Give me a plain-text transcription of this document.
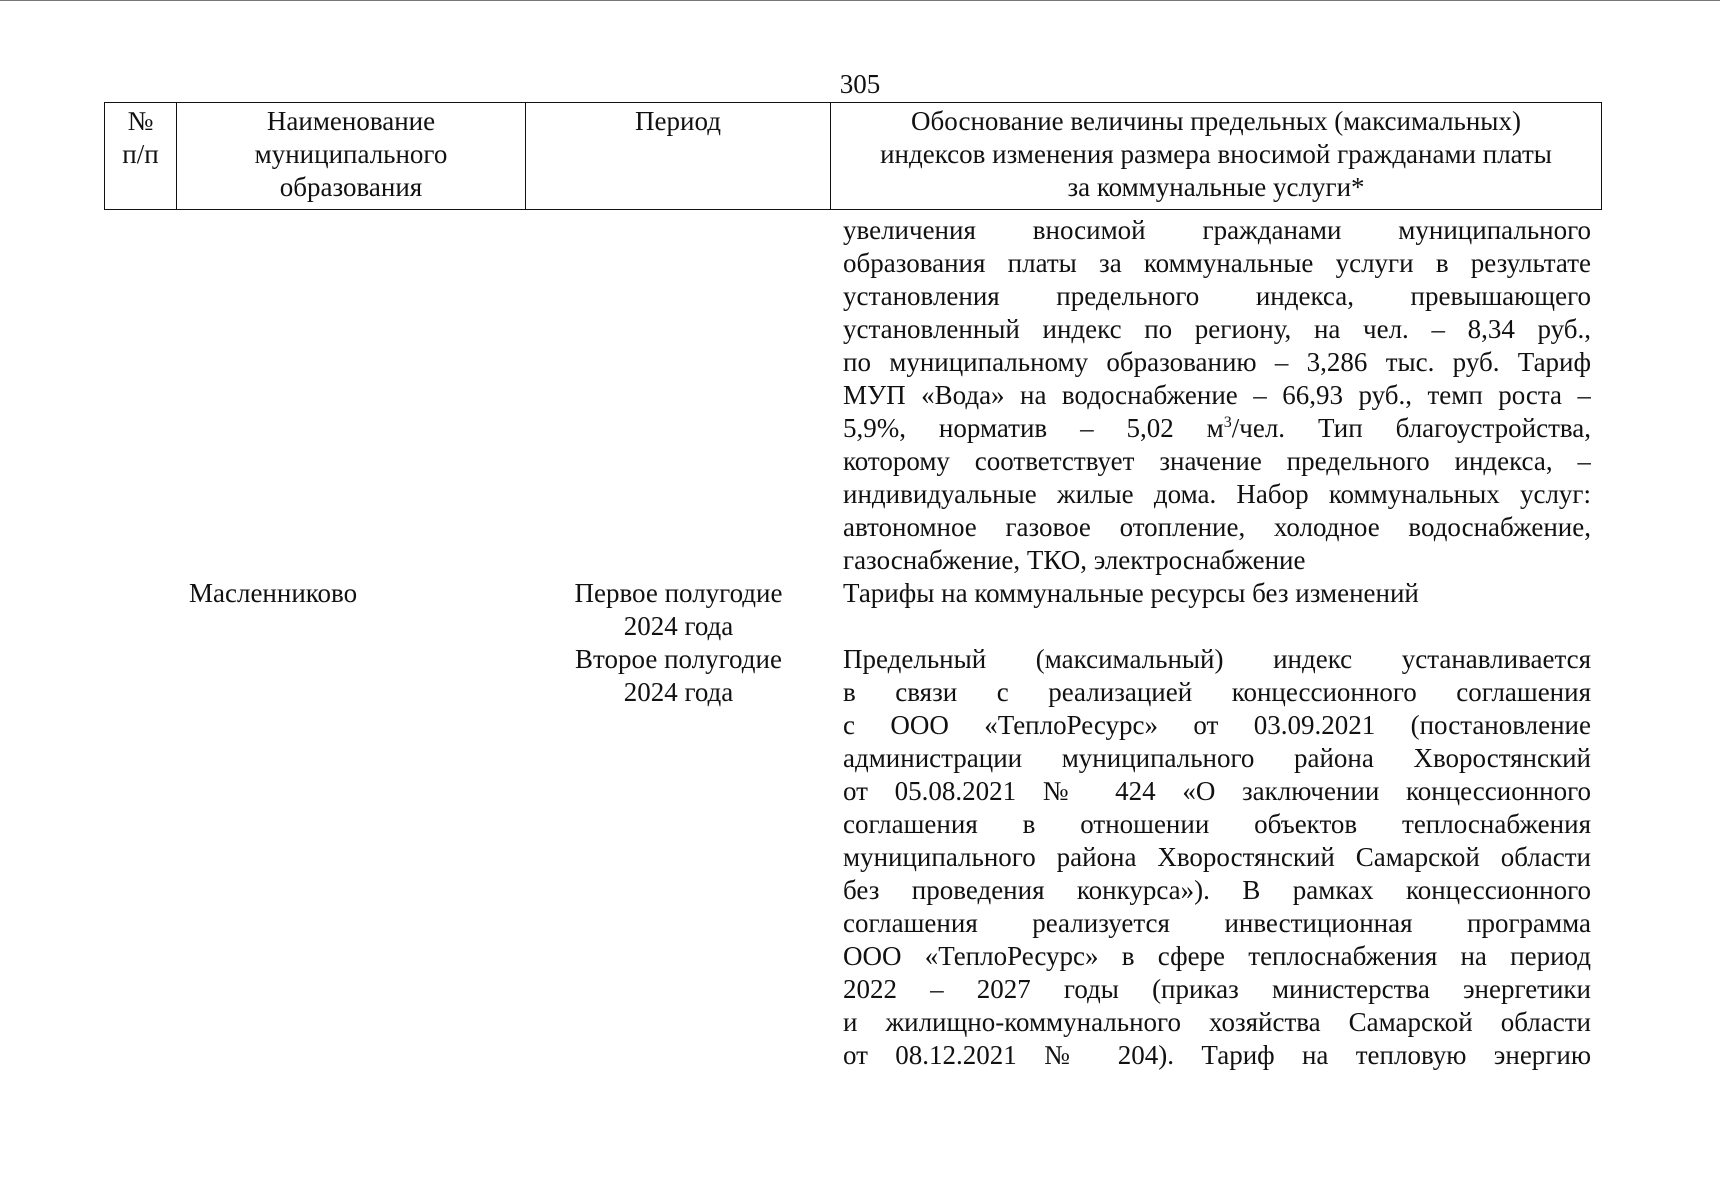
305
№
п/п
Наименование
муниципального
образования
Период	Обоснование величины предельных (максимальных)
индексов изменения размера вносимой гражданами платы
за коммунальные услуги*
увеличения вносимой гражданами муниципального
образования платы за коммунальные услуги в результате
установления предельного индекса, превышающего
установленный индекс по региону, на чел. – 8,34 руб.,
по муниципальному образованию – 3,286 тыс. руб. Тариф
МУП «Вода» на водоснабжение – 66,93 руб., темп роста –
5,9%, норматив – 5,02 $м^3$/чел. Тип благоустройства,
которому соответствует значение предельного индекса, –
индивидуальные жилые дома. Набор коммунальных услуг:
автономное газовое отопление, холодное водоснабжение,
газоснабжение, ТКО, электроснабжение
Масленниково	Первое полугодие
2024 года
Тарифы на коммунальные ресурсы без изменений
Второе полугодие
2024 года
Предельный (максимальный) индекс устанавливается
в связи с реализацией концессионного соглашения
с ООО «ТеплоРесурс» от 03.09.2021 (постановление
администрации муниципального района Хворостянский
от 05.08.2021 № 424 «О заключении концессионного
соглашения в отношении объектов теплоснабжения
муниципального района Хворостянский Самарской области
без проведения конкурса»). В рамках концессионного
соглашения реализуется инвестиционная программа
ООО «ТеплоРесурс» в сфере теплоснабжения на период
2022 – 2027 годы (приказ министерства энергетики
и жилищно-коммунального хозяйства Самарской области
от 08.12.2021 № 204). Тариф на тепловую энергию
